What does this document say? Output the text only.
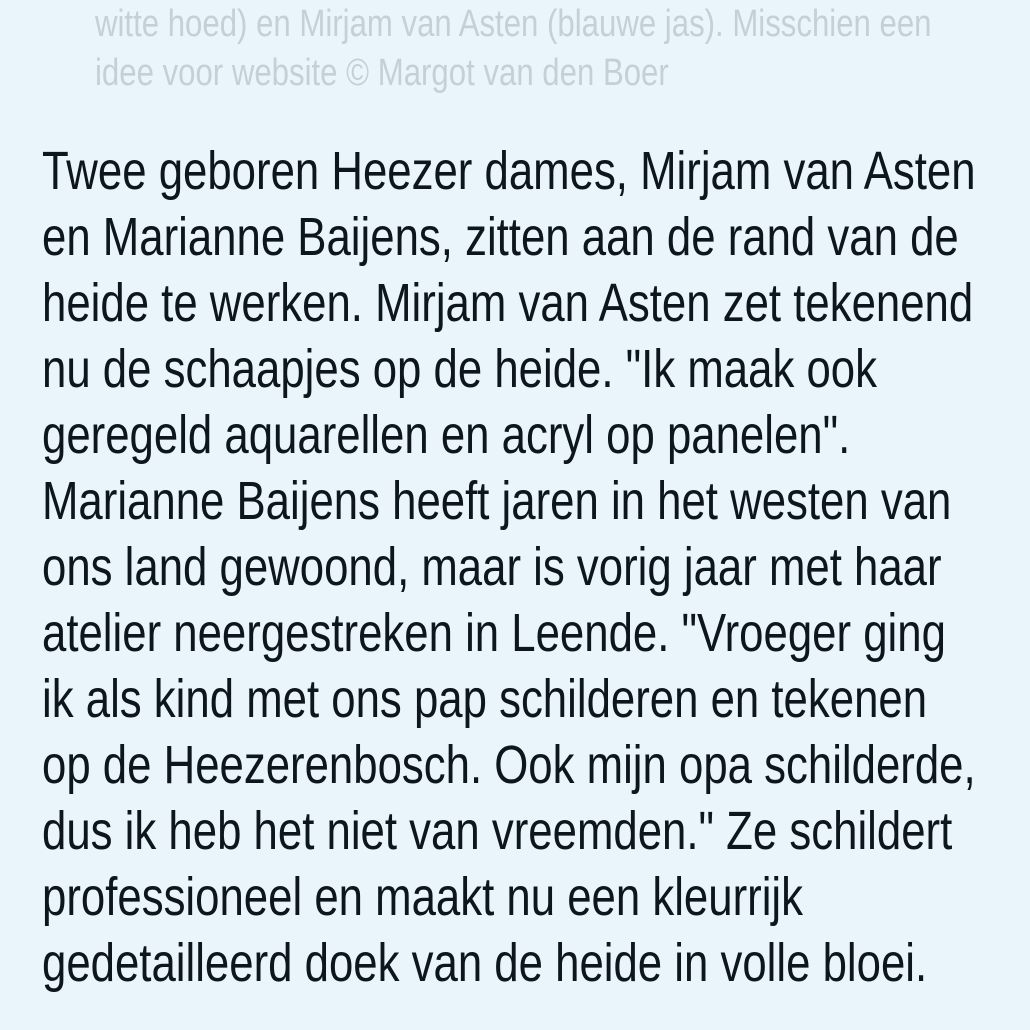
witte hoed) en Mirjam van Asten (blauwe jas). Misschien een
idee voor website © Margot van den Boer
Twee geboren Heezer dames, Mirjam van Asten
en Marianne Baijens, zitten aan de rand van de
heide te werken. Mirjam van Asten zet tekenend
nu de schaapjes op de heide. "Ik maak ook
geregeld aquarellen en acryl op panelen".
Marianne Baijens heeft jaren in het westen van
ons land gewoond, maar is vorig jaar met haar
atelier neergestreken in Leende. "Vroeger ging
ik als kind met ons pap schilderen en tekenen
op de Heezerenbosch. Ook mijn opa schilderde,
dus ik heb het niet van vreemden." Ze schildert
professioneel en maakt nu een kleurrijk
gedetailleerd doek van de heide in volle bloei.
